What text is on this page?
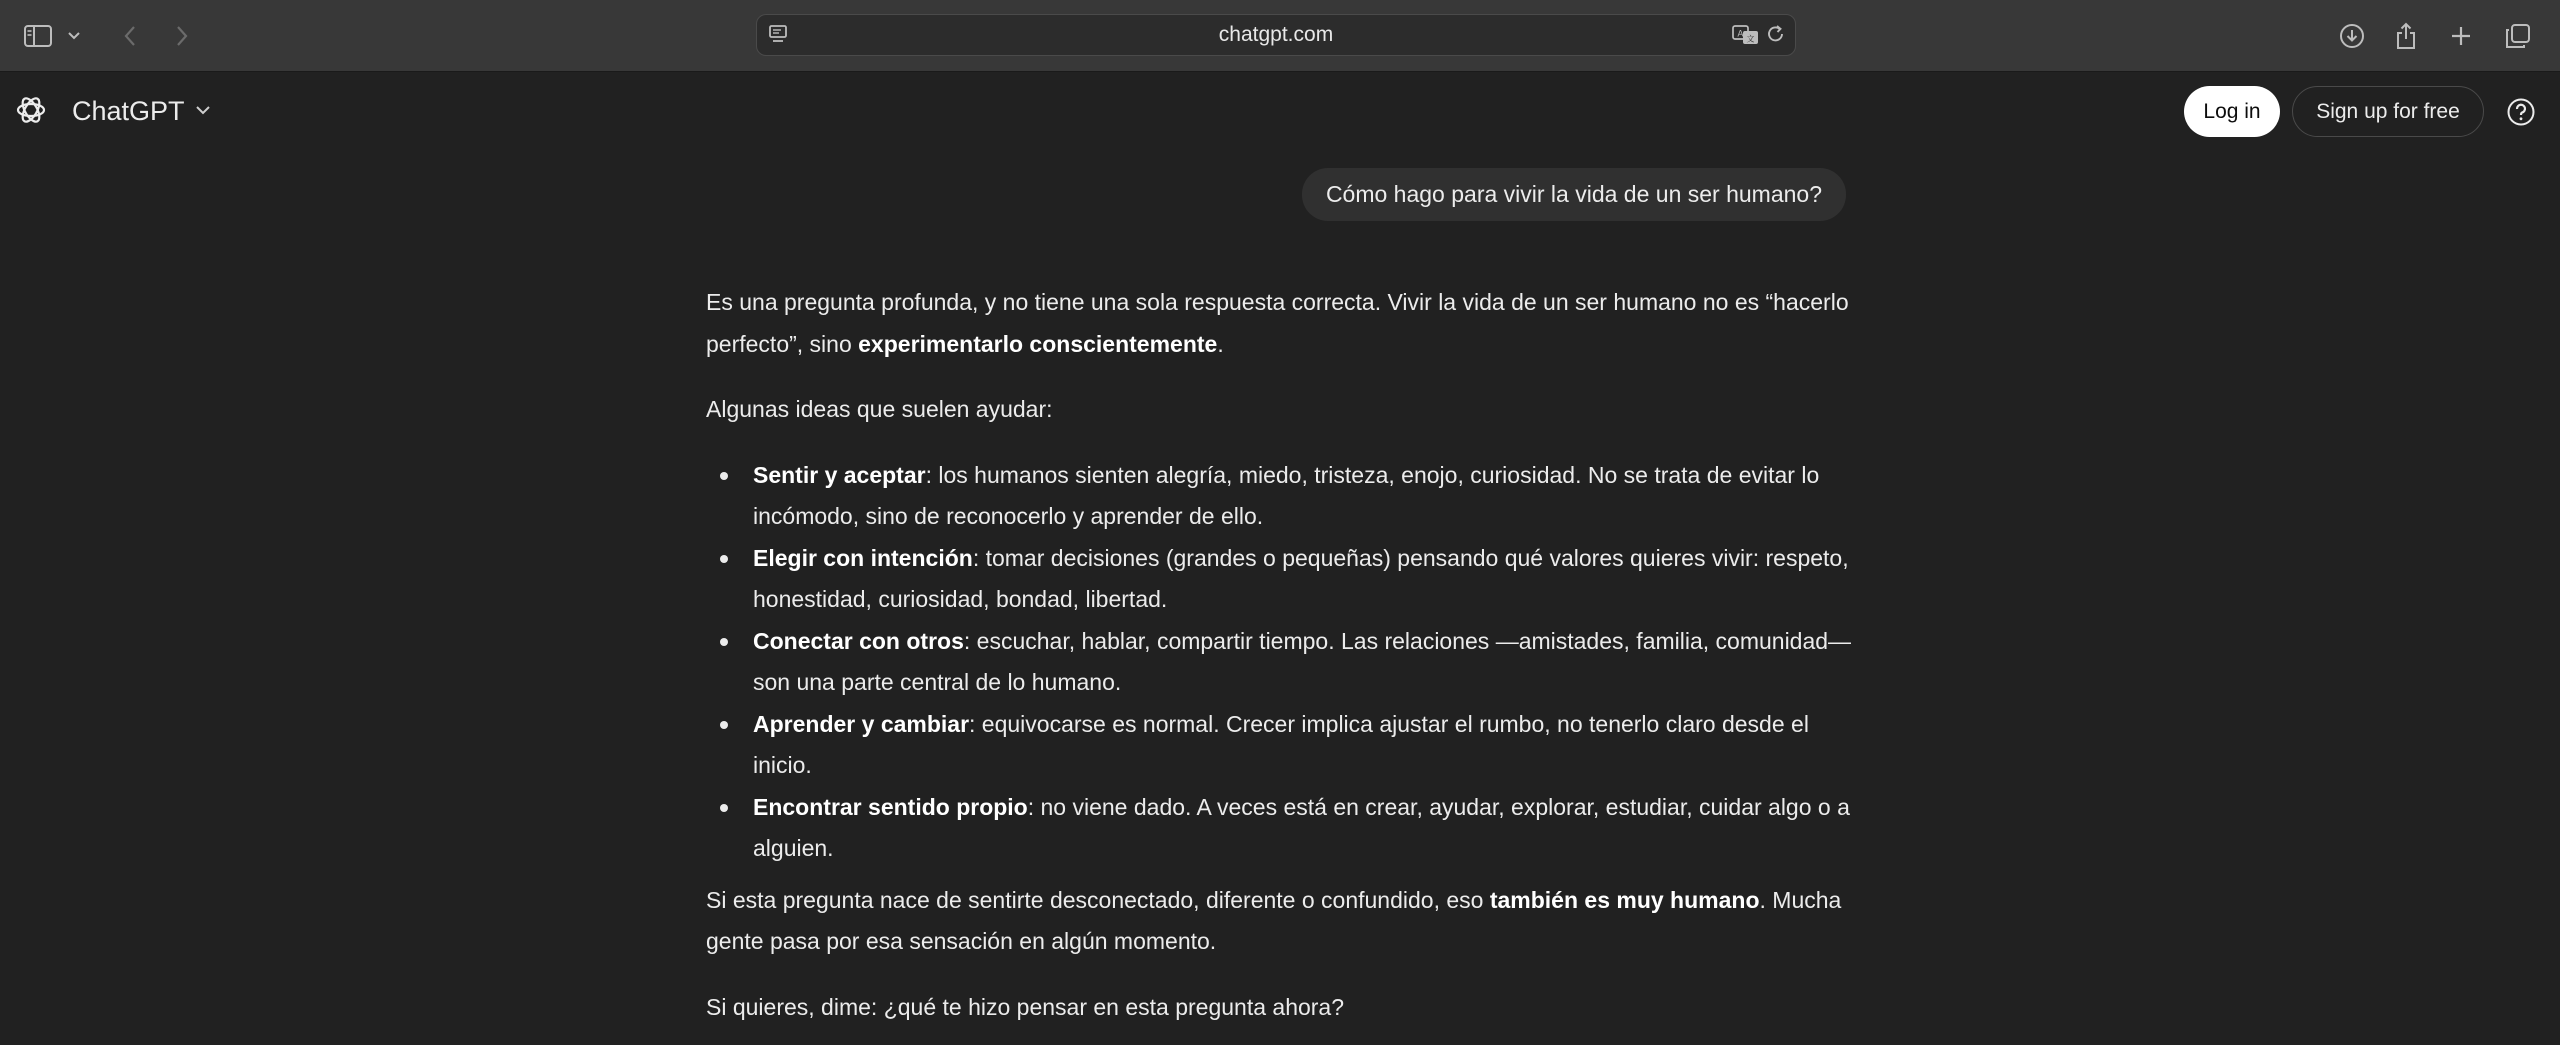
chatgpt.com	A 文
ChatGPT	Log in	Sign up for free
Cómo hago para vivir la vida de un ser humano?

Es una pregunta profunda, y no tiene una sola respuesta correcta. Vivir la vida de un ser humano no es “hacerlo perfecto”, sino experimentarlo conscientemente.

Algunas ideas que suelen ayudar:

Sentir y aceptar: los humanos sienten alegría, miedo, tristeza, enojo, curiosidad. No se trata de evitar lo incómodo, sino de reconocerlo y aprender de ello.
Elegir con intención: tomar decisiones (grandes o pequeñas) pensando qué valores quieres vivir: respeto, honestidad, curiosidad, bondad, libertad.
Conectar con otros: escuchar, hablar, compartir tiempo. Las relaciones —amistades, familia, comunidad— son una parte central de lo humano.
Aprender y cambiar: equivocarse es normal. Crecer implica ajustar el rumbo, no tenerlo claro desde el inicio.
Encontrar sentido propio: no viene dado. A veces está en crear, ayudar, explorar, estudiar, cuidar algo o a alguien.

Si esta pregunta nace de sentirte desconectado, diferente o confundido, eso también es muy humano. Mucha gente pasa por esa sensación en algún momento.

Si quieres, dime: ¿qué te hizo pensar en esta pregunta ahora?
